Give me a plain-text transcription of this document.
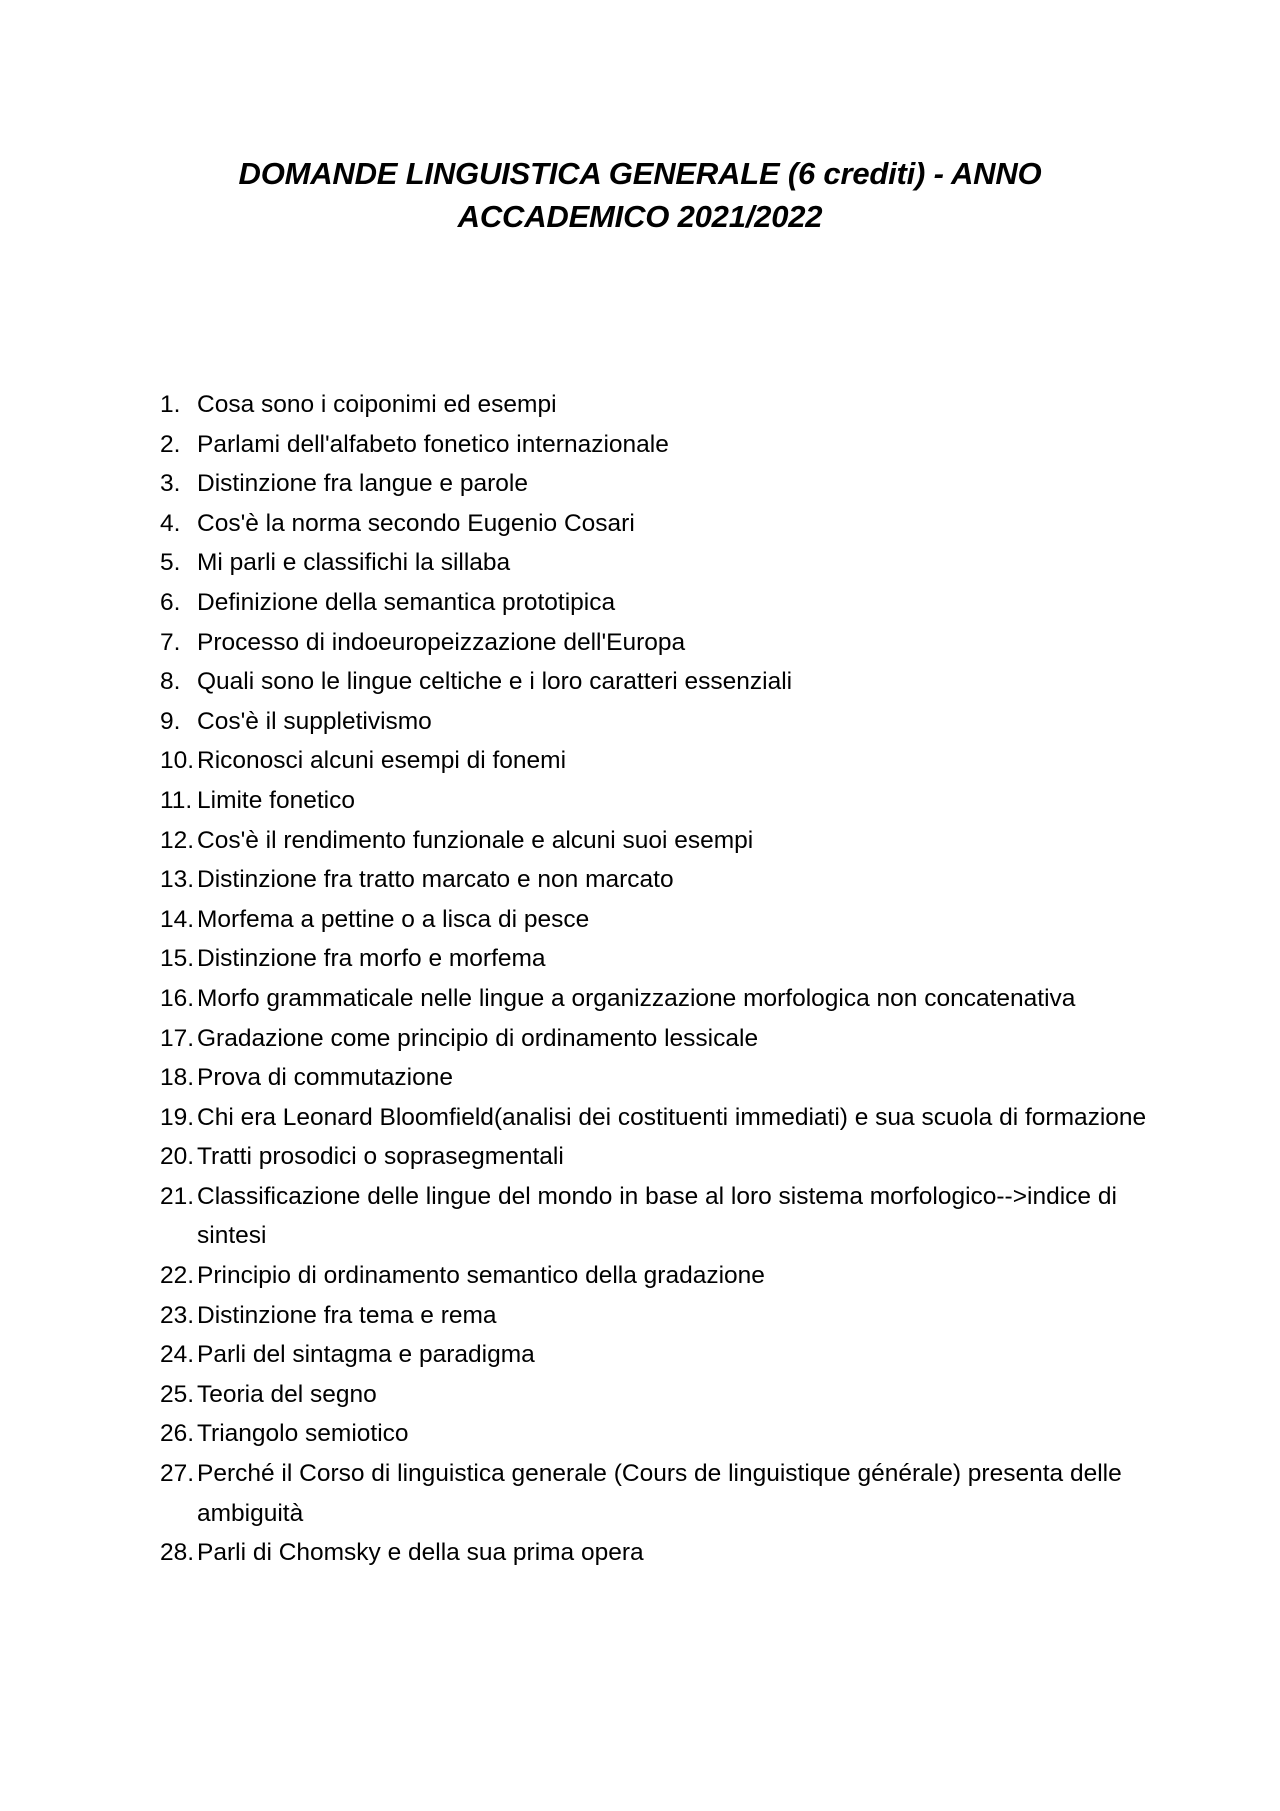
DOMANDE LINGUISTICA GENERALE (6 crediti) - ANNO
ACCADEMICO 2021/2022
1. Cosa sono i coiponimi ed esempi
2. Parlami dell'alfabeto fonetico internazionale
3. Distinzione fra langue e parole
4. Cos'è la norma secondo Eugenio Cosari
5. Mi parli e classifichi la sillaba
6. Definizione della semantica prototipica
7. Processo di indoeuropeizzazione dell'Europa
8. Quali sono le lingue celtiche e i loro caratteri essenziali
9. Cos'è il suppletivismo
10. Riconosci alcuni esempi di fonemi
11. Limite fonetico
12. Cos'è il rendimento funzionale e alcuni suoi esempi
13. Distinzione fra tratto marcato e non marcato
14. Morfema a pettine o a lisca di pesce
15. Distinzione fra morfo e morfema
16. Morfo grammaticale nelle lingue a organizzazione morfologica non concatenativa
17. Gradazione come principio di ordinamento lessicale
18. Prova di commutazione
19. Chi era Leonard Bloomfield(analisi dei costituenti immediati) e sua scuola di formazione
20. Tratti prosodici o soprasegmentali
21. Classificazione delle lingue del mondo in base al loro sistema morfologico-->indice di sintesi
22. Principio di ordinamento semantico della gradazione
23. Distinzione fra tema e rema
24. Parli del sintagma e paradigma
25. Teoria del segno
26. Triangolo semiotico
27. Perché il Corso di linguistica generale (Cours de linguistique générale) presenta delle ambiguità
28. Parli di Chomsky e della sua prima opera
